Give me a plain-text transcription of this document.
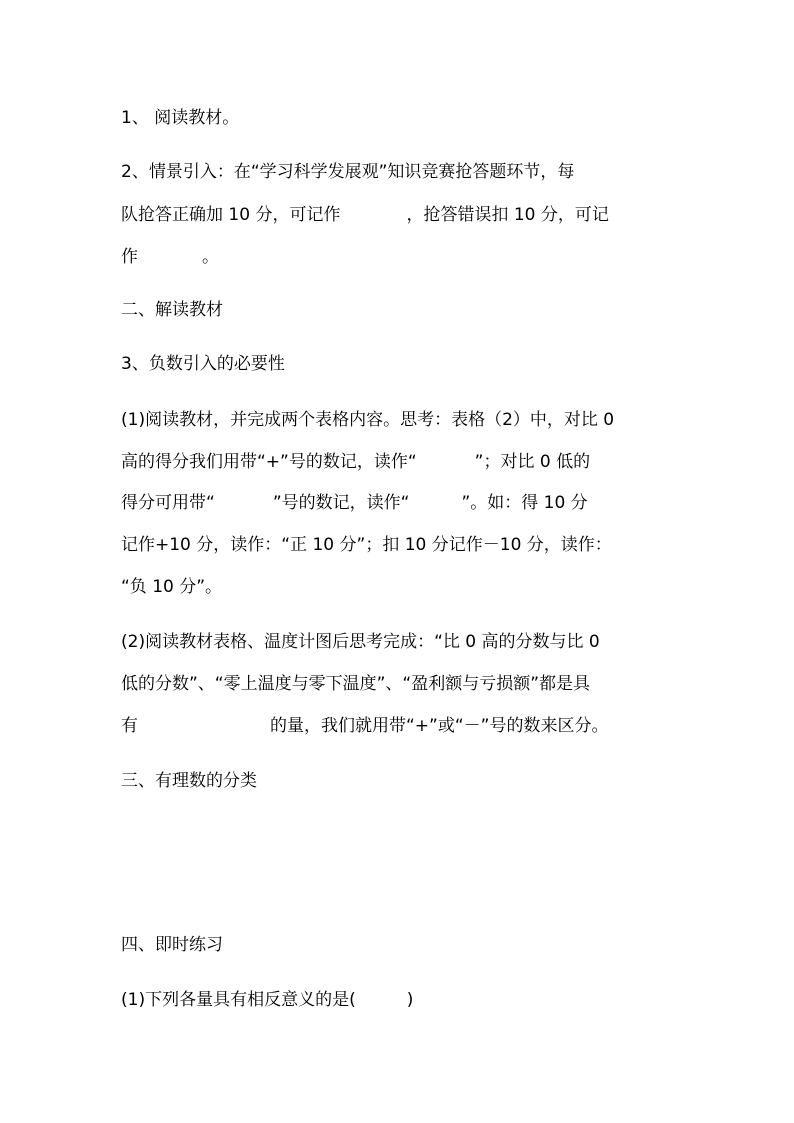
1、 阅读教材。
2、情景引入：在“学习科学发展观”知识竞赛抢答题环节，每
队抢答正确加 10 分，可记作	，抢答错误扣 10 分，可记
作	。
二、解读教材
3、负数引入的必要性
(1)阅读教材，并完成两个表格内容。思考：表格（2）中，对比 0
高的得分我们用带“+”号的数记，读作“	”；对比 0 低的
得分可用带“	”号的数记，读作“	”。如：得 10 分
记作+10 分，读作：“正 10 分”；扣 10 分记作－10 分，读作：
“负 10 分”。
(2)阅读教材表格、温度计图后思考完成：“比 0 高的分数与比 0
低的分数”、“零上温度与零下温度”、“盈利额与亏损额”都是具
有	的量，我们就用带“+”或“－”号的数来区分。
三、有理数的分类
四、即时练习
(1)下列各量具有相反意义的是(　　　)
